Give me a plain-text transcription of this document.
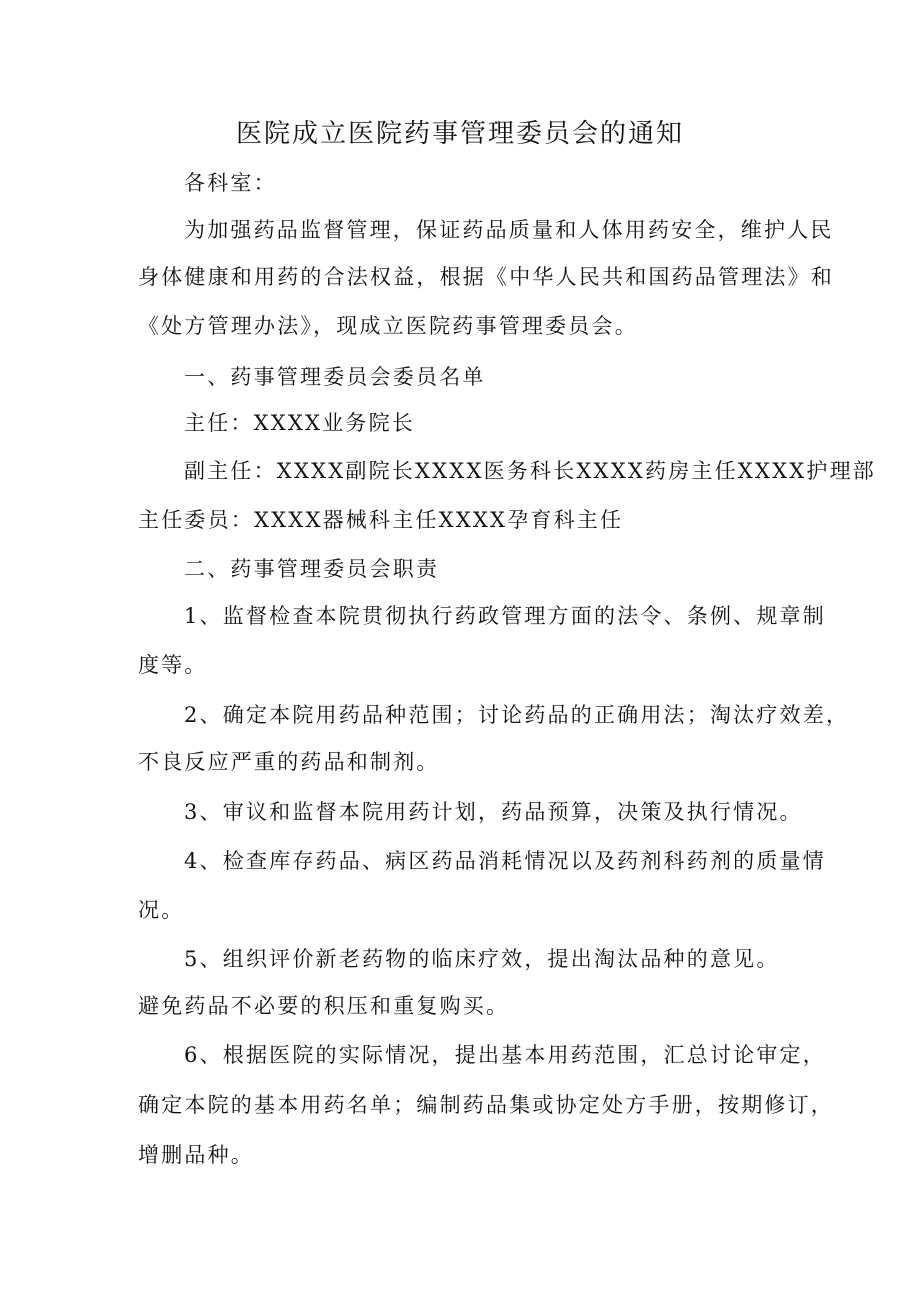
医院成立医院药事管理委员会的通知
各科室：
为加强药品监督管理，保证药品质量和人体用药安全，维护人民
身体健康和用药的合法权益，根据《中华人民共和国药品管理法》和
《处方管理办法》，现成立医院药事管理委员会。
一、药事管理委员会委员名单
主任：XXXX业务院长
副主任：XXXX副院长XXXX医务科长XXXX药房主任XXXX护理部
主任委员：XXXX器械科主任XXXX孕育科主任
二、药事管理委员会职责
1、监督检查本院贯彻执行药政管理方面的法令、条例、规章制
度等。
2、确定本院用药品种范围；讨论药品的正确用法；淘汰疗效差，
不良反应严重的药品和制剂。
3、审议和监督本院用药计划，药品预算，决策及执行情况。
4、检查库存药品、病区药品消耗情况以及药剂科药剂的质量情
况。
5、组织评价新老药物的临床疗效，提出淘汰品种的意见。
避免药品不必要的积压和重复购买。
6、根据医院的实际情况，提出基本用药范围，汇总讨论审定，
确定本院的基本用药名单；编制药品集或协定处方手册，按期修订，
增删品种。
